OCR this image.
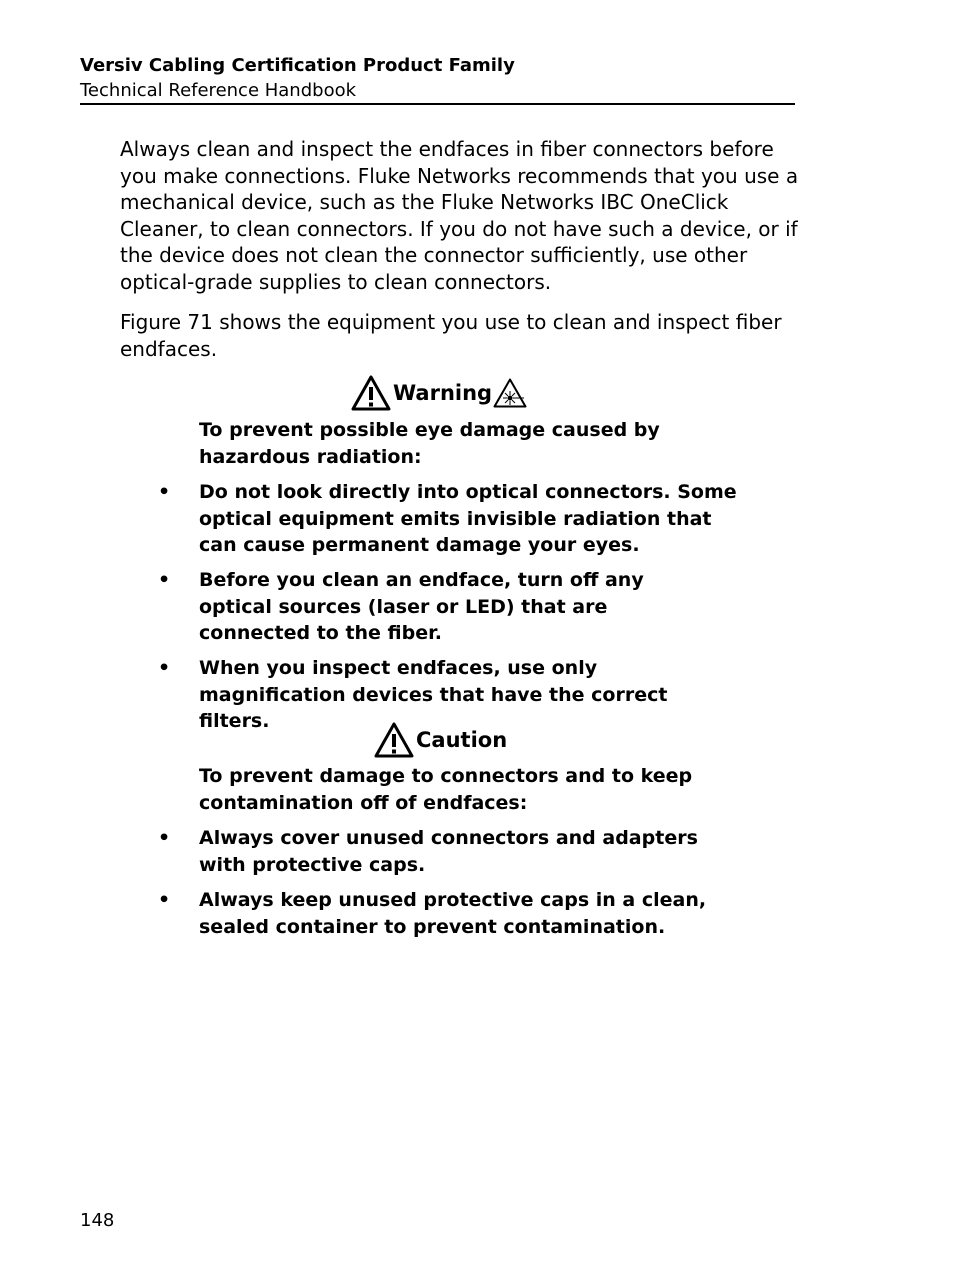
Versiv Cabling Certification Product Family
Technical Reference Handbook
Always clean and inspect the endfaces in fiber connectors before you make connections. Fluke Networks recommends that you use a mechanical device, such as the Fluke Networks IBC OneClick Cleaner, to clean connectors. If you do not have such a device, or if the device does not clean the connector sufficiently, use other optical-grade supplies to clean connectors.
Figure 71 shows the equipment you use to clean and inspect fiber endfaces.
Warning
To prevent possible eye damage caused by hazardous radiation:
• Do not look directly into optical connectors. Some optical equipment emits invisible radiation that can cause permanent damage your eyes.
• Before you clean an endface, turn off any optical sources (laser or LED) that are connected to the fiber.
• When you inspect endfaces, use only magnification devices that have the correct filters.
Caution
To prevent damage to connectors and to keep contamination off of endfaces:
• Always cover unused connectors and adapters with protective caps.
• Always keep unused protective caps in a clean, sealed container to prevent contamination.
148
